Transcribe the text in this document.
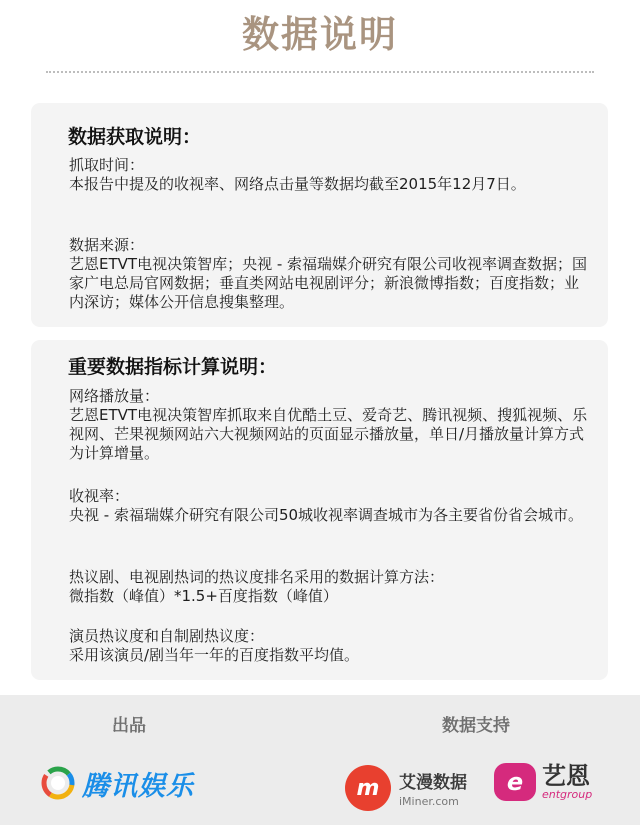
数据说明
数据获取说明：

抓取时间：

本报告中提及的收视率、网络点击量等数据均截至2015年12月7日。

数据来源：

艺恩ETVT电视决策智库；央视 - 索福瑞媒介研究有限公司收视率调查数据；国家广电总局官网数据；垂直类网站电视剧评分；新浪微博指数；百度指数；业内深访；媒体公开信息搜集整理。

重要数据指标计算说明：

网络播放量：

艺恩ETVT电视决策智库抓取来自优酷土豆、爱奇艺、腾讯视频、搜狐视频、乐视网、芒果视频网站六大视频网站的页面显示播放量，单日/月播放量计算方式为计算增量。

收视率：

央视 - 索福瑞媒介研究有限公司50城收视率调查城市为各主要省份省会城市。

热议剧、电视剧热词的热议度排名采用的数据计算方法：

微指数（峰值）*1.5+百度指数（峰值）

演员热议度和自制剧热议度：

采用该演员/剧当年一年的百度指数平均值。

出品	数据支持
腾讯娱乐	m	艾漫数据
iMiner.com
e 艺恩
entgroup
